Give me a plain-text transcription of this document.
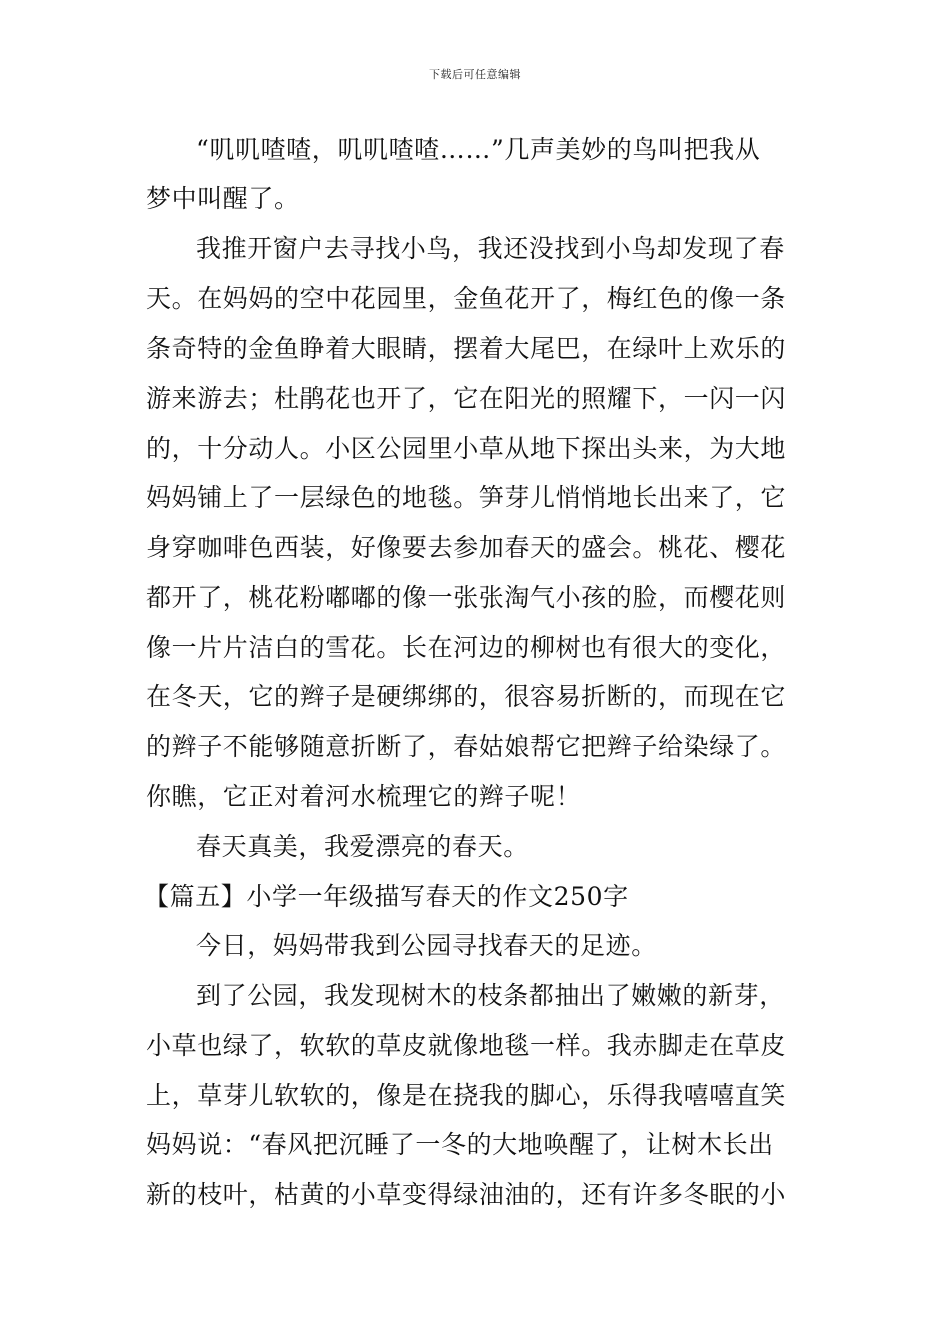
下载后可任意编辑
“叽叽喳喳，叽叽喳喳……”几声美妙的鸟叫把我从
梦中叫醒了。
我推开窗户去寻找小鸟，我还没找到小鸟却发现了春
天。在妈妈的空中花园里，金鱼花开了，梅红色的像一条
条奇特的金鱼睁着大眼睛，摆着大尾巴，在绿叶上欢乐的
游来游去；杜鹃花也开了，它在阳光的照耀下，一闪一闪
的，十分动人。小区公园里小草从地下探出头来，为大地
妈妈铺上了一层绿色的地毯。笋芽儿悄悄地长出来了，它
身穿咖啡色西装，好像要去参加春天的盛会。桃花、樱花
都开了，桃花粉嘟嘟的像一张张淘气小孩的脸，而樱花则
像一片片洁白的雪花。长在河边的柳树也有很大的变化，
在冬天，它的辫子是硬绑绑的，很容易折断的，而现在它
的辫子不能够随意折断了，春姑娘帮它把辫子给染绿了。
你瞧，它正对着河水梳理它的辫子呢！
春天真美，我爱漂亮的春天。
【篇五】小学一年级描写春天的作文250字
今日，妈妈带我到公园寻找春天的足迹。
到了公园，我发现树木的枝条都抽出了嫩嫩的新芽，
小草也绿了，软软的草皮就像地毯一样。我赤脚走在草皮
上，草芽儿软软的，像是在挠我的脚心，乐得我嘻嘻直笑
妈妈说：“春风把沉睡了一冬的大地唤醒了，让树木长出
新的枝叶，枯黄的小草变得绿油油的，还有许多冬眠的小
